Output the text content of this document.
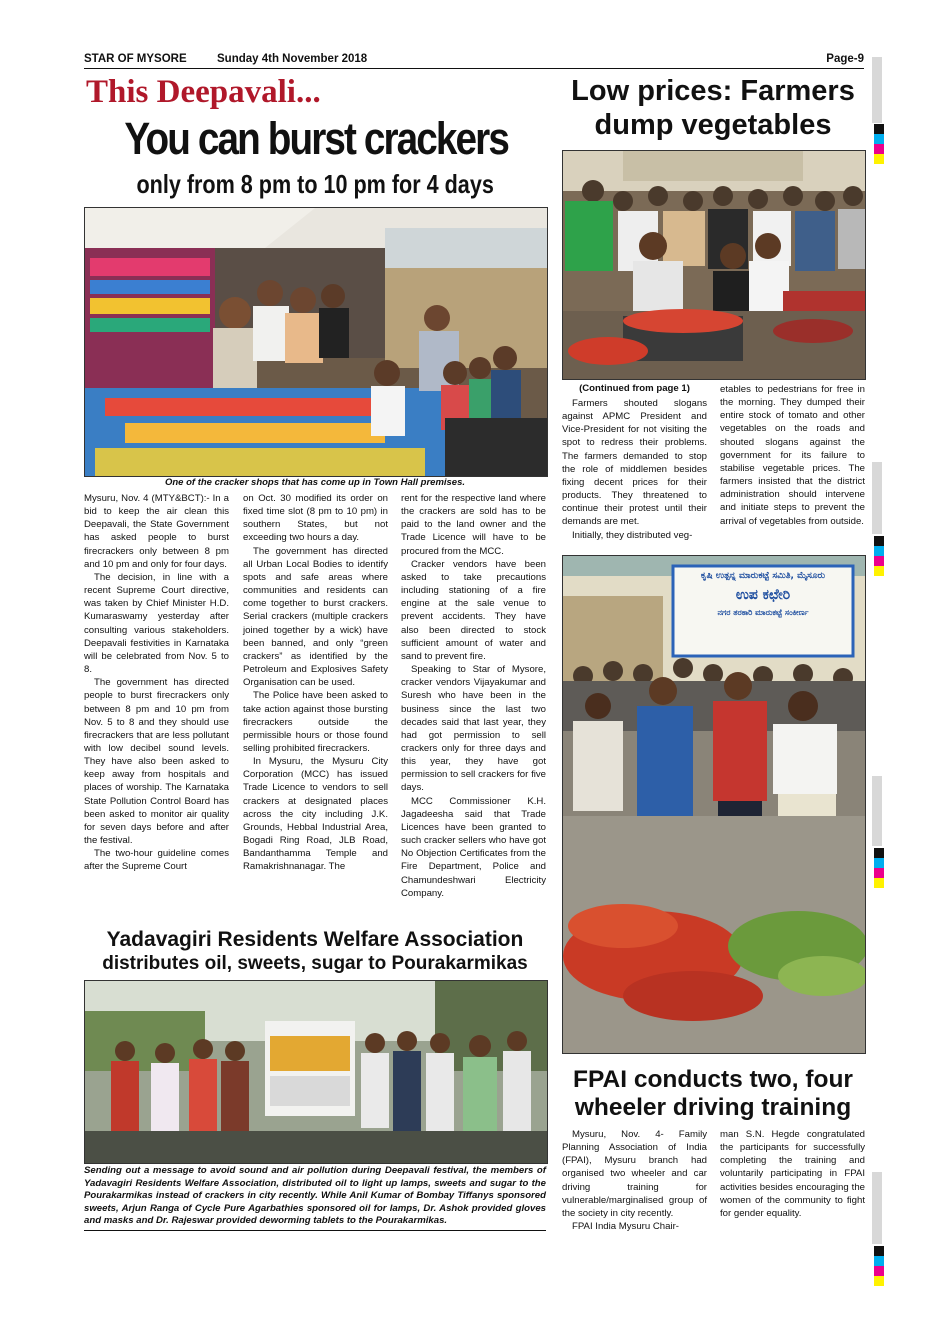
STAR OF MYSORE	Sunday 4th November 2018	Page-9
This Deepavali...
You can burst crackers
only from 8 pm to 10 pm for 4 days
One of the cracker shops that has come up in Town Hall premises.

Mysuru, Nov. 4 (MTY&BCT):- In a bid to keep the air clean this Deepavali, the State Government has asked people to burst firecrackers only between 8 pm and 10 pm and only for four days.

The decision, in line with a recent Supreme Court directive, was taken by Chief Minister H.D. Kumaraswamy yesterday after consulting various stakeholders. Deepavali festivities in Karnataka will be celebrated from Nov. 5 to 8.

The government has directed people to burst firecrackers only between 8 pm and 10 pm from Nov. 5 to 8 and they should use firecrackers that are less pollutant with low decibel sound levels. They have also been asked to keep away from hospitals and places of worship. The Karnataka State Pollution Control Board has been asked to monitor air quality for seven days before and after the festival.

The two-hour guideline comes after the Supreme Court

on Oct. 30 modified its order on fixed time slot (8 pm to 10 pm) in southern States, but not exceeding two hours a day.

The government has directed all Urban Local Bodies to identify spots and safe areas where communities and residents can come together to burst crackers. Serial crackers (multiple crackers joined together by a wick) have been banned, and only “green crackers” as identified by the Petroleum and Explosives Safety Organisation can be used.

The Police have been asked to take action against those bursting firecrackers outside the permissible hours or those found selling prohibited firecrackers.

In Mysuru, the Mysuru City Corporation (MCC) has issued Trade Licence to vendors to sell crackers at designated places across the city including J.K. Grounds, Hebbal Industrial Area, Bogadi Ring Road, JLB Road, Bandanthamma Temple and Ramakrishnanagar. The

rent for the respective land where the crackers are sold has to be paid to the land owner and the Trade Licence will have to be procured from the MCC.

Cracker vendors have been asked to take precautions including stationing of a fire engine at the sale venue to prevent accidents. They have also been directed to stock sufficient amount of water and sand to prevent fire.

Speaking to Star of Mysore, cracker vendors Vijayakumar and Suresh who have been in the business since the last two decades said that last year, they had got permission to sell crackers only for three days and this year, they have got permission to sell crackers for five days.

MCC Commissioner K.H. Jagadeesha said that Trade Licences have been granted to such cracker sellers who have got No Objection Certificates from the Fire Department, Police and Chamundeshwari Electricity Company.

Low prices: Farmers
dump vegetables
(Continued from page 1)

Farmers shouted slogans against APMC President and Vice-President for not visiting the spot to redress their problems. The farmers demanded to stop the role of middlemen besides fixing decent prices for their products. They threatened to continue their protest until their demands are met.

Initially, they distributed veg-

etables to pedestrians for free in the morning. They dumped their entire stock of tomato and other vegetables on the roads and shouted slogans against the government for its failure to stabilise vegetable prices. The farmers insisted that the district administration should intervene and initiate steps to prevent the arrival of vegetables from outside.

ಕೃಷಿ ಉತ್ಪನ್ನ ಮಾರುಕಟ್ಟೆ ಸಮಿತಿ, ಮೈಸೂರು
ಉಪ ಕಛೇರಿ
ನಗರ ತರಕಾರಿ ಮಾರುಕಟ್ಟೆ ಸಂಕೀರ್ಣ
Yadavagiri Residents Welfare Association
distributes oil, sweets, sugar to Pourakarmikas
Sending out a message to avoid sound and air pollution during Deepavali festival, the members of Yadavagiri Residents Welfare Association, distributed oil to light up lamps, sweets and sugar to the Pourakarmikas instead of crackers in city recently. While Anil Kumar of Bombay Tiffanys sponsored sweets, Arjun Ranga of Cycle Pure Agarbathies sponsored oil for lamps, Dr. Ashok provided gloves and masks and Dr. Rajeswar provided deworming tablets to the Pourakarmikas.
FPAI conducts two, four
wheeler driving training

Mysuru, Nov. 4- Family Planning Association of India (FPAI), Mysuru branch had organised two wheeler and car driving training for vulnerable/marginalised group of the society in city recently.

FPAI India Mysuru Chair-

man S.N. Hegde congratulated the participants for successfully completing the training and voluntarily participating in FPAI activities besides encouraging the women of the community to fight for gender equality.
